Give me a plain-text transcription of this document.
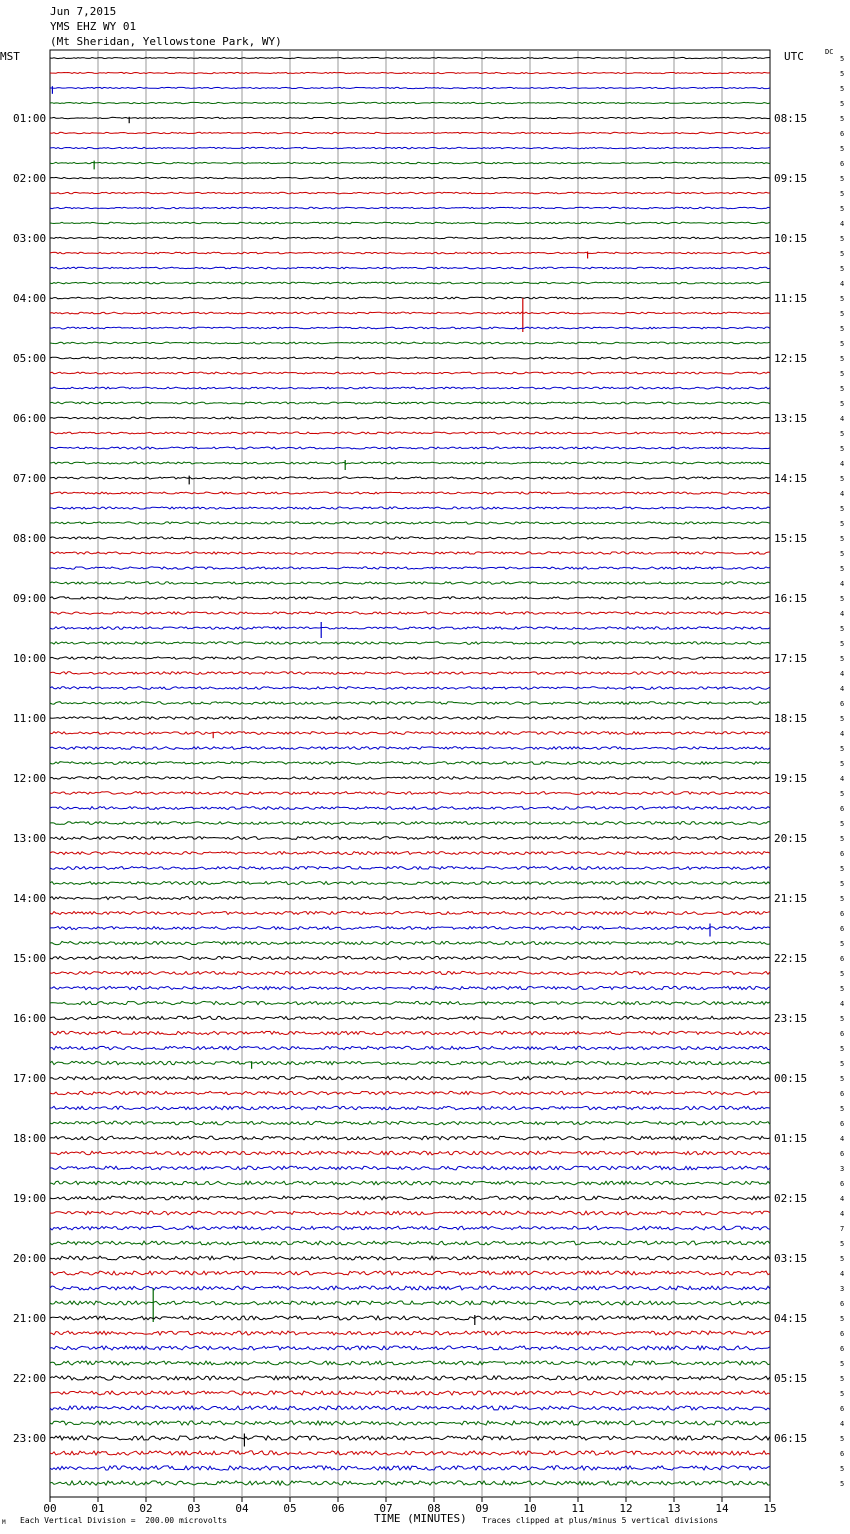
Jun 7,2015
YMS EHZ WY 01
(Mt Sheridan, Yellowstone Park, WY)
MST	UTC	DC
5
5
5
5
5
6
5
6
5
5
5
4
5
5
5
4
5
5
5
5
5
5
5
5
4
5
5
4
5
4
5
5
5
5
5
4
5
4
5
5
5
4
4
6
5
4
5
5
4
5
6
5
5
6
5
5
5
6
6
5
6
5
5
4
5
6
5
5
5
6
5
6
4
6
3
6
4
4
7
5
5
4
3
6
5
6
6
5
5
5
6
4
5
6
5
5
01:00
02:00
03:00
04:00
05:00
06:00
07:00
08:00
09:00
10:00
11:00
12:00
13:00
14:00
15:00
16:00
17:00
18:00
19:00
20:00
21:00
22:00
23:00
08:15
09:15
10:15
11:15
12:15
13:15
14:15
15:15
16:15
17:15
18:15
19:15
20:15
21:15
22:15
23:15
00:15
01:15
02:15
03:15
04:15
05:15
06:15
00	01	02	03	04	05	06	07	08	09	10	11	12	13	14	15
TIME (MINUTES)
Each Vertical Division =  200.00 microvolts	Traces clipped at plus/minus 5 vertical divisions
M
